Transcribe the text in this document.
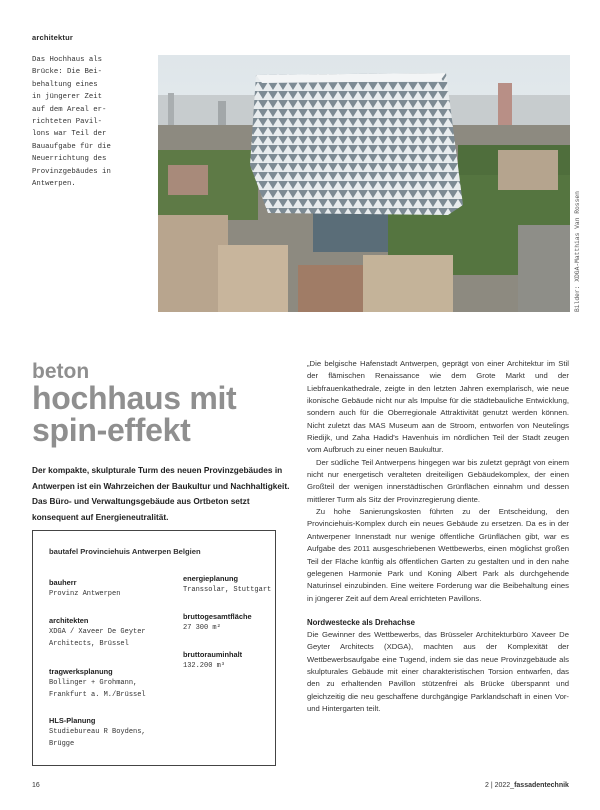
architektur
Das Hochhaus als
Brücke: Die Bei-
behaltung eines
in jüngerer Zeit
auf dem Areal er-
richteten Pavil-
lons war Teil der
Bauaufgabe für die
Neuerrichtung des
Provinzgebäudes in
Antwerpen.
Bilder: XDGA-Matthias Van Rossen
beton
hochhaus mit spin-effekt
Der kompakte, skulpturale Turm des neuen Provinzgebäudes in Antwerpen ist ein Wahrzeichen der Baukultur und Nachhaltigkeit. Das Büro- und Verwaltungsgebäude aus Ortbeton setzt konsequent auf Energieneutralität.
bautafel Provinciehuis Antwerpen Belgien
bauherr
Provinz Antwerpen
architekten
XDGA / Xaveer De Geyter
Architects, Brüssel
tragwerksplanung
Bollinger + Grohmann,
Frankfurt a. M./Brüssel
HLS-Planung
Studiebureau R Boydens,
Brügge
energieplanung
Transsolar, Stuttgart
bruttogesamtfläche
27 300 m²
bruttorauminhalt
132.200 m³

„Die belgische Hafenstadt Antwerpen, geprägt von einer Architektur im Stil der flämischen Renaissance wie dem Grote Markt und der Liebfrauenkathedrale, zeigte in den letzten Jahren exemplarisch, wie neue ikonische Gebäude nicht nur als Impulse für die städtebauliche Entwicklung, sondern auch für die Oberregionale Attraktivität genutzt werden können. Nicht zuletzt das MAS Museum aan de Stroom, entworfen von Neutelings Riedijk, und Zaha Hadid's Havenhuis im nördlichen Teil der Stadt zeugen vom Aufbruch zu einer neuen Baukultur.

Der südliche Teil Antwerpens hingegen war bis zuletzt geprägt von einem nicht nur energetisch veralteten dreiteiligen Gebäudekomplex, der einen Großteil der wenigen innerstädtischen Grünflächen einnahm und dessen mittlerer Turm als Sitz der Provinzregierung diente.

Zu hohe Sanierungskosten führten zu der Entscheidung, den Provinciehuis-Komplex durch ein neues Gebäude zu ersetzen. Da es in der Antwerpener Innenstadt nur wenige öffentliche Grünflächen gibt, war es Aufgabe des 2011 ausgeschriebenen Wettbewerbs, einen möglichst großen Teil der Fläche künftig als öffentlichen Garten zu gestalten und in den nahe gelegenen Harmonie Park und Koning Albert Park als durchgehende Naturinsel einzubinden. Eine weitere Forderung war die Beibehaltung eines in jüngerer Zeit auf dem Areal errichteten Pavillons.

Nordwestecke als Drehachse

Die Gewinner des Wettbewerbs, das Brüsseler Architekturbüro Xaveer De Geyter Architects (XDGA), machten aus der Komplexität der Wettbewerbsaufgabe eine Tugend, indem sie das neue Provinzgebäude als skulpturales Gebäude mit einer charakteristischen Torsion entwarfen, das den zu erhaltenden Pavillon stützenfrei als Brücke überspannt und gleichzeitig die neu geschaffene durchgängige Parklandschaft in einen Vor- und Hintergarten teilt.

16	2 | 2022_fassadentechnik
